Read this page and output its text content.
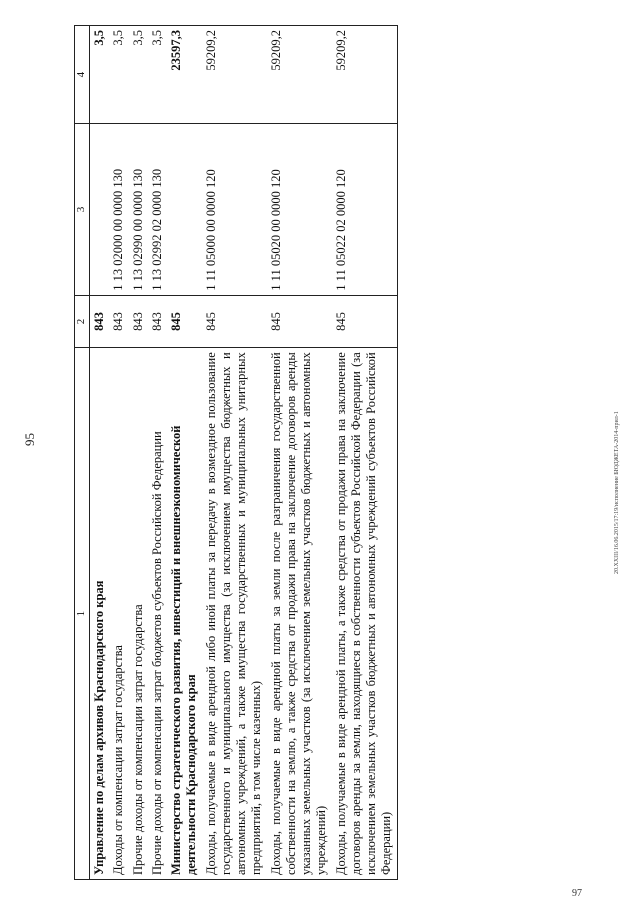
95	20.XXIII/16.06.2015/17:19/исполнение БЮДЖЕТА-2014-прил-1
97
1	2	3	4
Управление по делам архивов Краснодарского края	843		3,5
Доходы от компенсации затрат государства	843	1 13 02000 00 0000 130	3,5
Прочие доходы от компенсации затрат государства	843	1 13 02990 00 0000 130	3,5
Прочие доходы от компенсации затрат бюджетов субъектов Российской Федерации	843	1 13 02992 02 0000 130	3,5
Министерство стратегического развития, инвестиций и внешнеэкономической деятельности Краснодарского края	845		23597,3
Доходы, получаемые в виде арендной либо иной платы за передачу в возмездное пользование государственного и муниципального имущества (за исключением имущества бюджетных и автономных учреждений, а также имущества государственных и муниципальных унитарных предприятий, в том числе казенных)	845	1 11 05000 00 0000 120	59209,2
Доходы, получаемые в виде арендной платы за земли после разграничения государственной собственности на землю, а также средства от продажи права на заключение договоров аренды указанных земельных участков (за исключением земельных участков бюджетных и автономных учреждений)	845	1 11 05020 00 0000 120	59209,2
Доходы, получаемые в виде арендной платы, а также средства от продажи права на заключение договоров аренды за земли, находящиеся в собственности субъектов Российской Федерации (за исключением земельных участков бюджетных и автономных учреждений субъектов Российской Федерации)	845	1 11 05022 02 0000 120	59209,2
